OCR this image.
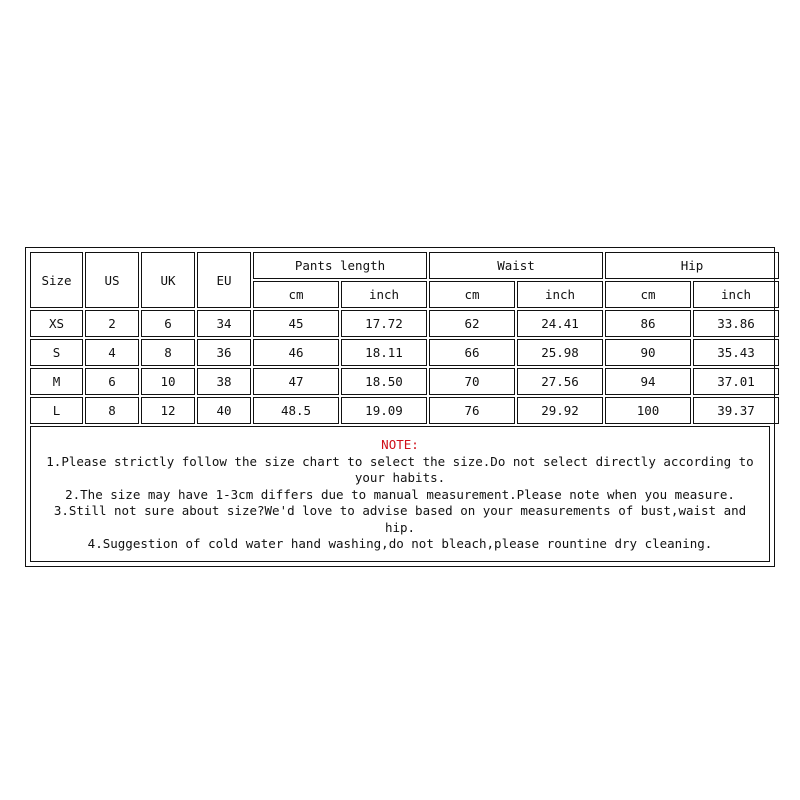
Size	US	UK	EU	Pants length		Waist		Hip	
				cm	inch	cm	inch	cm	inch
XS	2	6	34	45	17.72	62	24.41	86	33.86
S	4	8	36	46	18.11	66	25.98	90	35.43
M	6	10	38	47	18.50	70	27.56	94	37.01
L	8	12	40	48.5	19.09	76	29.92	100	39.37
NOTE:
1.Please strictly follow the size chart to select the size.Do not select directly according to your habits.
2.The size may have 1-3cm differs due to manual measurement.Please note when you measure.
3.Still not sure about size?We'd love to advise based on your measurements of bust,waist and hip.
4.Suggestion of cold water hand washing,do not bleach,please rountine dry cleaning.
